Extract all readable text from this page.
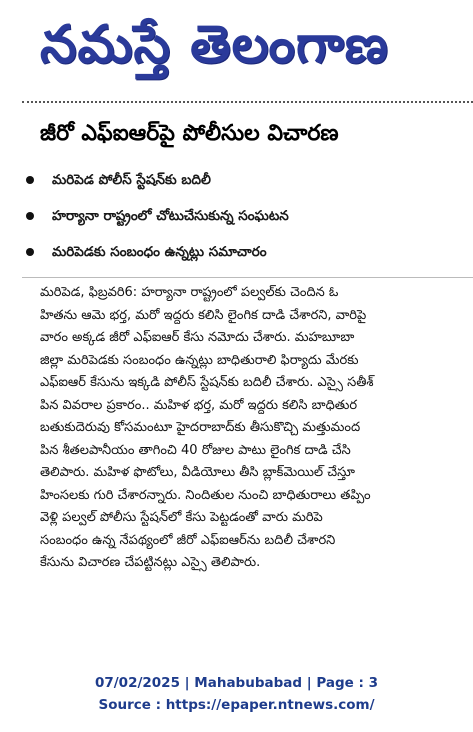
నమస్తే తెలంగాణ
జీరో ఎఫ్ఐఆర్‌పై పోలీసుల విచారణ
మరిపెడ పోలీస్ స్టేషన్‌కు బదిలీ
హర్యానా రాష్ట్రంలో చోటుచేసుకున్న సంఘటన
మరిపెడకు సంబంధం ఉన్నట్లు సమాచారం
మరిపెడ, ఫిబ్రవరి6: హర్యానా రాష్ట్రంలో పల్వల్‌కు చెందిన ఓ
హితను ఆమె భర్త, మరో ఇద్దరు కలిసి లైంగిక దాడి చేశారని, వారిపై
వారం అక్కడ జీరో ఎఫ్ఐఆర్ కేసు నమోదు చేశారు. మహబూబా
జిల్లా మరిపెడకు సంబంధం ఉన్నట్లు బాధితురాలి ఫిర్యాదు మేరకు
ఎఫ్ఐఆర్ కేసును ఇక్కడి పోలీస్ స్టేషన్‌కు బదిలీ చేశారు. ఎస్సై సతీశ్
పిన వివరాల ప్రకారం.. మహిళ భర్త, మరో ఇద్దరు కలిసి బాధితుర
బతుకుదెరువు కోసమంటూ హైదరాబాద్‌కు తీసుకొచ్చి మత్తుమంద
పిన శీతలపానీయం తాగించి 40 రోజుల పాటు లైంగిక దాడి చేసి
తెలిపారు. మహిళ ఫొటోలు, వీడియోలు తీసి బ్లాక్‌మెయిల్ చేస్తూ
హింసలకు గురి చేశారన్నారు. నిందితుల నుంచి బాధితురాలు తప్పిం
వెళ్లి పల్వల్ పోలీసు స్టేషన్‌లో కేసు పెట్టడంతో వారు మరిపె
సంబంధం ఉన్న నేపథ్యంలో జీరో ఎఫ్ఐఆర్‌ను బదిలీ చేశారని
కేసును విచారణ చేపట్టినట్లు ఎస్సై తెలిపారు.
07/02/2025 | Mahabubabad | Page : 3
Source : https://epaper.ntnews.com/
